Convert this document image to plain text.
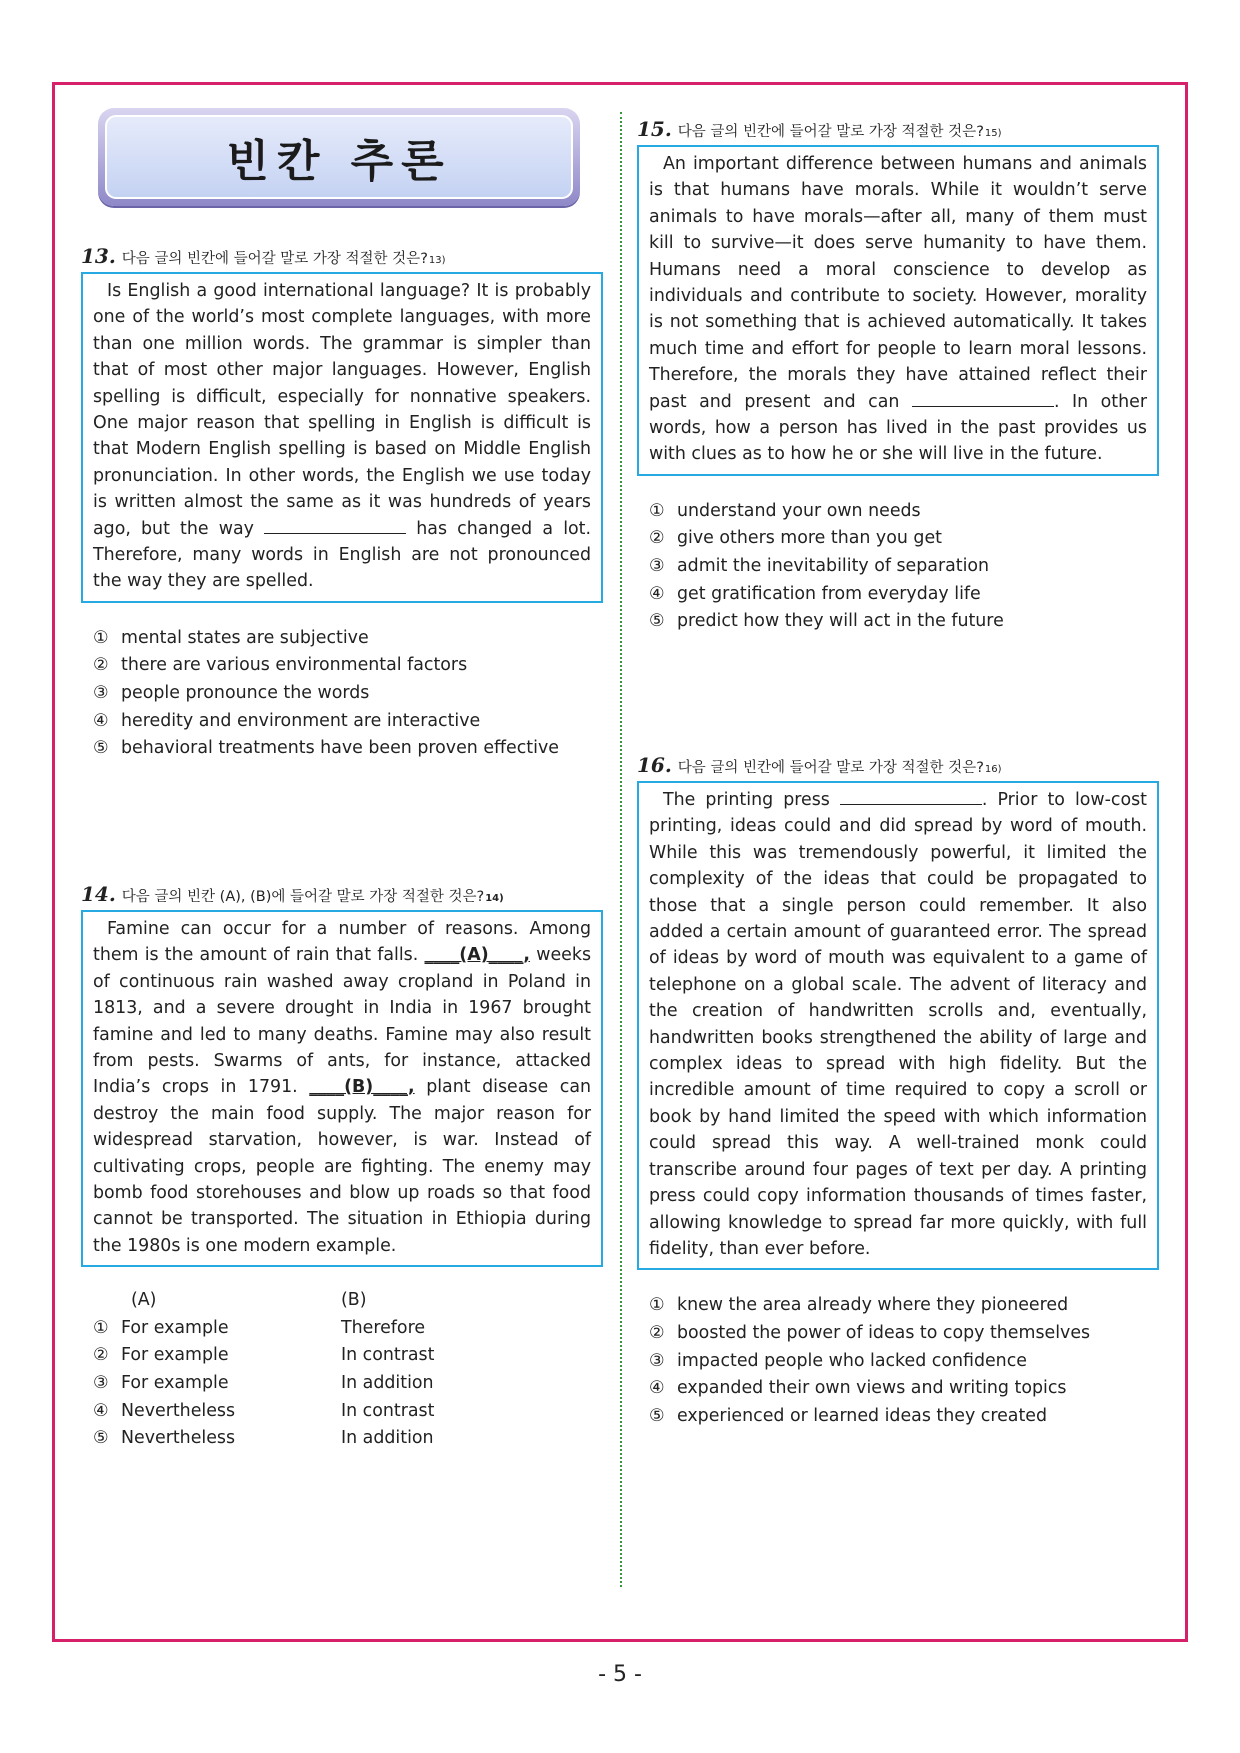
빈칸 추론
13. 다음 글의 빈칸에 들어갈 말로 가장 적절한 것은? 13)

Is English a good international language? It is probably one of the world’s most complete languages, with more than one million words. The grammar is simpler than that of most other major languages. However, English spelling is difficult, especially for nonnative speakers. One major reason that spelling in English is difficult is that Modern English spelling is based on Middle English pronunciation. In other words, the English we use today is written almost the same as it was hundreds of years ago, but the way	has changed a lot. Therefore, many words in English are not pronounced the way they are spelled.

① mental states are subjective
② there are various environmental factors
③ people pronounce the words
④ heredity and environment are interactive
⑤ behavioral treatments have been proven effective
14. 다음 글의 빈칸 (A), (B)에 들어갈 말로 가장 적절한 것은? 14)

Famine can occur for a number of reasons. Among them is the amount of rain that falls. ____(A)____, weeks of continuous rain washed away cropland in Poland in 1813, and a severe drought in India in 1967 brought famine and led to many deaths. Famine may also result from pests. Swarms of ants, for instance, attacked India’s crops in 1791. ____(B)____, plant disease can destroy the main food supply. The major reason for widespread starvation, however, is war. Instead of cultivating crops, people are fighting. The enemy may bomb food storehouses and blow up roads so that food cannot be transported. The situation in Ethiopia during the 1980s is one modern example.

(A)	(B)
① For example	Therefore
② For example	In contrast
③ For example	In addition
④ Nevertheless	In contrast
⑤ Nevertheless	In addition
15. 다음 글의 빈칸에 들어갈 말로 가장 적절한 것은? 15)

An important difference between humans and animals is that humans have morals. While it wouldn’t serve animals to have morals—after all, many of them must kill to survive—it does serve humanity to have them. Humans need a moral conscience to develop as individuals and contribute to society. However, morality is not something that is achieved automatically. It takes much time and effort for people to learn moral lessons. Therefore, the morals they have attained reflect their past and present and can	. In other words, how a person has lived in the past provides us with clues as to how he or she will live in the future.

① understand your own needs
② give others more than you get
③ admit the inevitability of separation
④ get gratification from everyday life
⑤ predict how they will act in the future
16. 다음 글의 빈칸에 들어갈 말로 가장 적절한 것은? 16)

The printing press	. Prior to low-cost printing, ideas could and did spread by word of mouth. While this was tremendously powerful, it limited the complexity of the ideas that could be propagated to those that a single person could remember. It also added a certain amount of guaranteed error. The spread of ideas by word of mouth was equivalent to a game of telephone on a global scale. The advent of literacy and the creation of handwritten scrolls and, eventually, handwritten books strengthened the ability of large and complex ideas to spread with high fidelity. But the incredible amount of time required to copy a scroll or book by hand limited the speed with which information could spread this way. A well-trained monk could transcribe around four pages of text per day. A printing press could copy information thousands of times faster, allowing knowledge to spread far more quickly, with full fidelity, than ever before.

① knew the area already where they pioneered
② boosted the power of ideas to copy themselves
③ impacted people who lacked confidence
④ expanded their own views and writing topics
⑤ experienced or learned ideas they created
- 5 -
